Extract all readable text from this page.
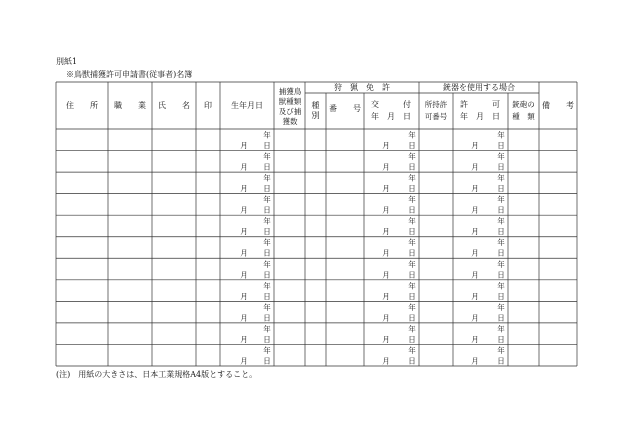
別紙1
※鳥獣捕獲許可申請書(従事者)名簿
住　　所 職　　業 氏　　名 印 生年月日
捕獲鳥
獣種類
及び捕
獲数
狩　猟　免　許
種
別
番　　号 交　　　付
年　月　日
銃器を使用する場合
所持許
可番号
許　　　可
年　月　日
銃砲の
種　類
備　　考
年
月 日
年
月 日
年
月 日
年
月 日
年
月 日
年
月 日
年
月 日
年
月 日
年
月 日
年
月 日
年
月 日
年
月 日
年
月 日
年
月 日
年
月 日
年
月 日
年
月 日
年
月 日
年
月 日
年
月 日
年
月 日
年
月 日
年
月 日
年
月 日
年
月 日
年
月 日
年
月 日
年
月 日
年
月 日
年
月 日
年
月 日
年
月 日
年
月 日
(注)　用紙の大きさは、日本工業規格A4版とすること。
